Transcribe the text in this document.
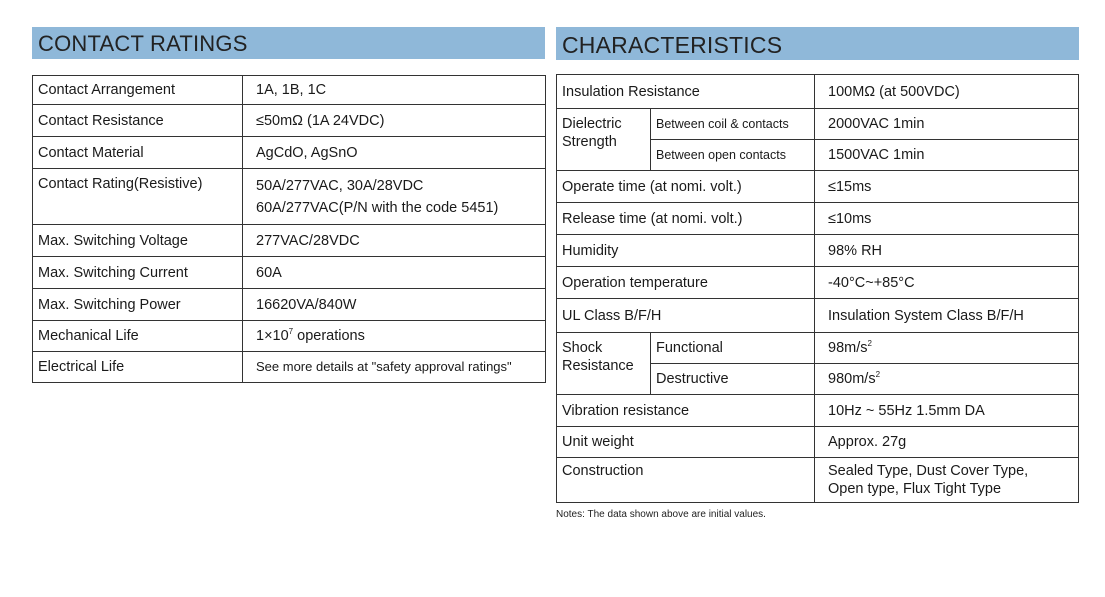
CONTACT RATINGS
Contact Arrangement	1A, 1B, 1C
Contact Resistance	≤50mΩ (1A 24VDC)
Contact Material	AgCdO, AgSnO
Contact Rating(Resistive)	50A/277VAC, 30A/28VDC
60A/277VAC(P/N with the code 5451)

Max. Switching Voltage	277VAC/28VDC
Max. Switching Current	60A
Max. Switching Power	16620VA/840W
Mechanical Life	$1\times 10^7$ operations
Electrical Life	See more details at "safety approval ratings"
CHARACTERISTICS
Insulation Resistance		100MΩ (at 500VDC)
Dielectric Strength	Between coil & contacts	2000VAC 1min
	Between open contacts	1500VAC 1min
Operate time (at nomi. volt.)		≤15ms
Release time (at nomi. volt.)		≤10ms
Humidity		98% RH
Operation temperature		-40°C~+85°C
UL Class B/F/H		Insulation System Class B/F/H
Shock Resistance	Functional	$98m/s^2$
	Destructive	$980m/s^2$
Vibration resistance		10Hz ~ 55Hz 1.5mm DA
Unit weight		Approx. 27g
Construction		Sealed Type, Dust Cover Type,
Open type, Flux Tight Type
Notes: The data shown above are initial values.
